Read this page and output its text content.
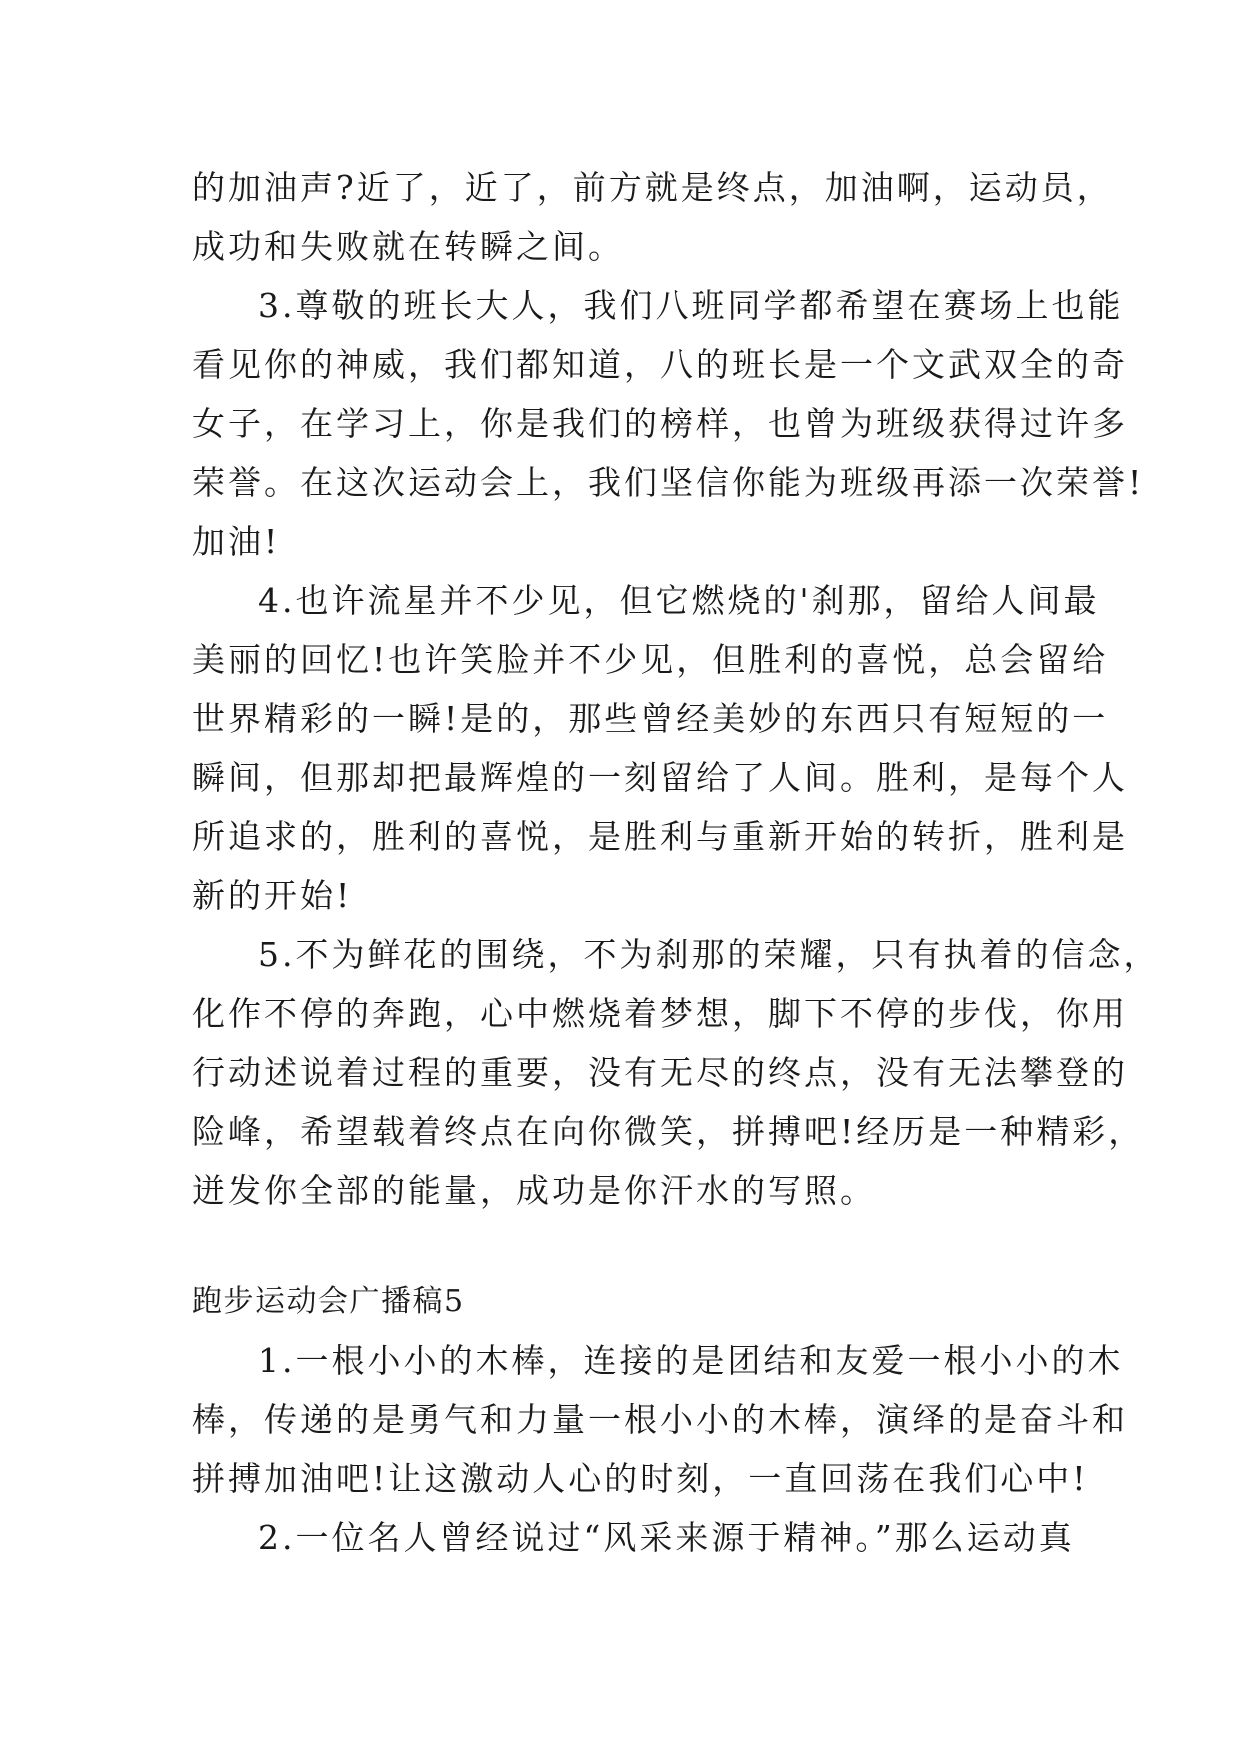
的加油声?近了，近了，前方就是终点，加油啊，运动员，
成功和失败就在转瞬之间。
3.尊敬的班长大人，我们八班同学都希望在赛场上也能
看见你的神威，我们都知道，八的班长是一个文武双全的奇
女子，在学习上，你是我们的榜样，也曾为班级获得过许多
荣誉。在这次运动会上，我们坚信你能为班级再添一次荣誉!
加油!
4.也许流星并不少见，但它燃烧的'刹那，留给人间最
美丽的回忆!也许笑脸并不少见，但胜利的喜悦，总会留给
世界精彩的一瞬!是的，那些曾经美妙的东西只有短短的一
瞬间，但那却把最辉煌的一刻留给了人间。胜利，是每个人
所追求的，胜利的喜悦，是胜利与重新开始的转折，胜利是
新的开始!
5.不为鲜花的围绕，不为刹那的荣耀，只有执着的信念，
化作不停的奔跑，心中燃烧着梦想，脚下不停的步伐，你用
行动述说着过程的重要，没有无尽的终点，没有无法攀登的
险峰，希望载着终点在向你微笑，拼搏吧!经历是一种精彩，
迸发你全部的能量，成功是你汗水的写照。
跑步运动会广播稿5
1.一根小小的木棒，连接的是团结和友爱一根小小的木
棒，传递的是勇气和力量一根小小的木棒，演绎的是奋斗和
拼搏加油吧!让这激动人心的时刻，一直回荡在我们心中!
2.一位名人曾经说过“风采来源于精神。”那么运动真
